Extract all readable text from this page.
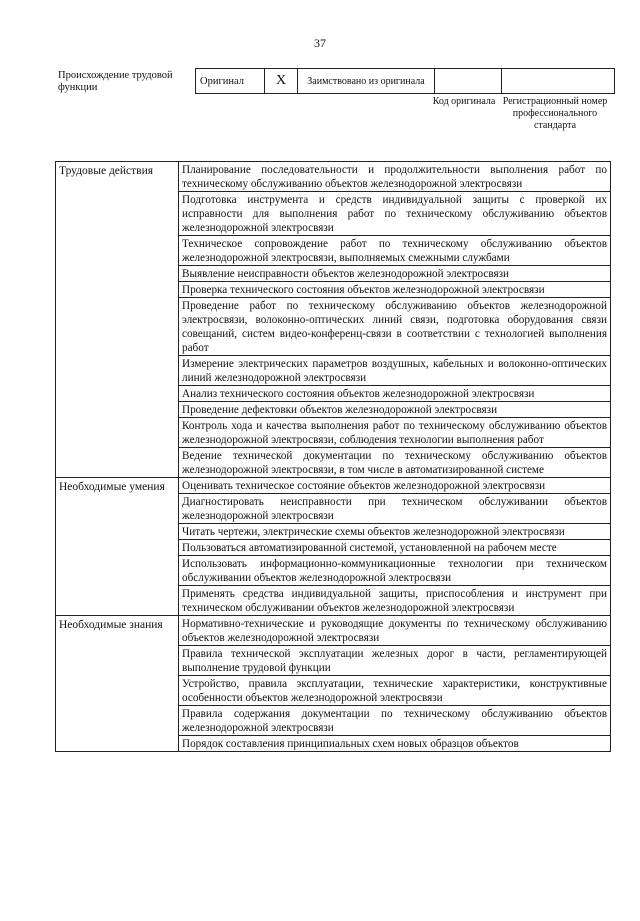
37
Происхождение трудовой функции
Оригинал	X	Заимствовано из оригинала		
Код оригинала Регистрационный номер профессионального стандарта
Трудовые действия	Планирование последовательности и продолжительности выполнения работ по техническому обслуживанию объектов железнодорожной электросвязи
	Подготовка инструмента и средств индивидуальной защиты с проверкой их исправности для выполнения работ по техническому обслуживанию объектов железнодорожной электросвязи
	Техническое сопровождение работ по техническому обслуживанию объектов железнодорожной электросвязи, выполняемых смежными службами
	Выявление неисправности объектов железнодорожной электросвязи
	Проверка технического состояния объектов железнодорожной электросвязи
	Проведение работ по техническому обслуживанию объектов железнодорожной электросвязи, волоконно-оптических линий связи, подготовка оборудования связи совещаний, систем видео-конференц-связи в соответствии с технологией выполнения работ
	Измерение электрических параметров воздушных, кабельных и волоконно-оптических линий железнодорожной электросвязи
	Анализ технического состояния объектов железнодорожной электросвязи
	Проведение дефектовки объектов железнодорожной электросвязи
	Контроль хода и качества выполнения работ по техническому обслуживанию объектов железнодорожной электросвязи, соблюдения технологии выполнения работ
	Ведение технической документации по техническому обслуживанию объектов железнодорожной электросвязи, в том числе в автоматизированной системе
Необходимые умения	Оценивать техническое состояние объектов железнодорожной электросвязи
	Диагностировать неисправности при техническом обслуживании объектов железнодорожной электросвязи
	Читать чертежи, электрические схемы объектов железнодорожной электросвязи
	Пользоваться автоматизированной системой, установленной на рабочем месте
	Использовать информационно-коммуникационные технологии при техническом обслуживании объектов железнодорожной электросвязи
	Применять средства индивидуальной защиты, приспособления и инструмент при техническом обслуживании объектов железнодорожной электросвязи
Необходимые знания	Нормативно-технические и руководящие документы по техническому обслуживанию объектов железнодорожной электросвязи
	Правила технической эксплуатации железных дорог в части, регламентирующей выполнение трудовой функции
	Устройство, правила эксплуатации, технические характеристики, конструктивные особенности объектов железнодорожной электросвязи
	Правила содержания документации по техническому обслуживанию объектов железнодорожной электросвязи
	Порядок составления принципиальных схем новых образцов объектов
